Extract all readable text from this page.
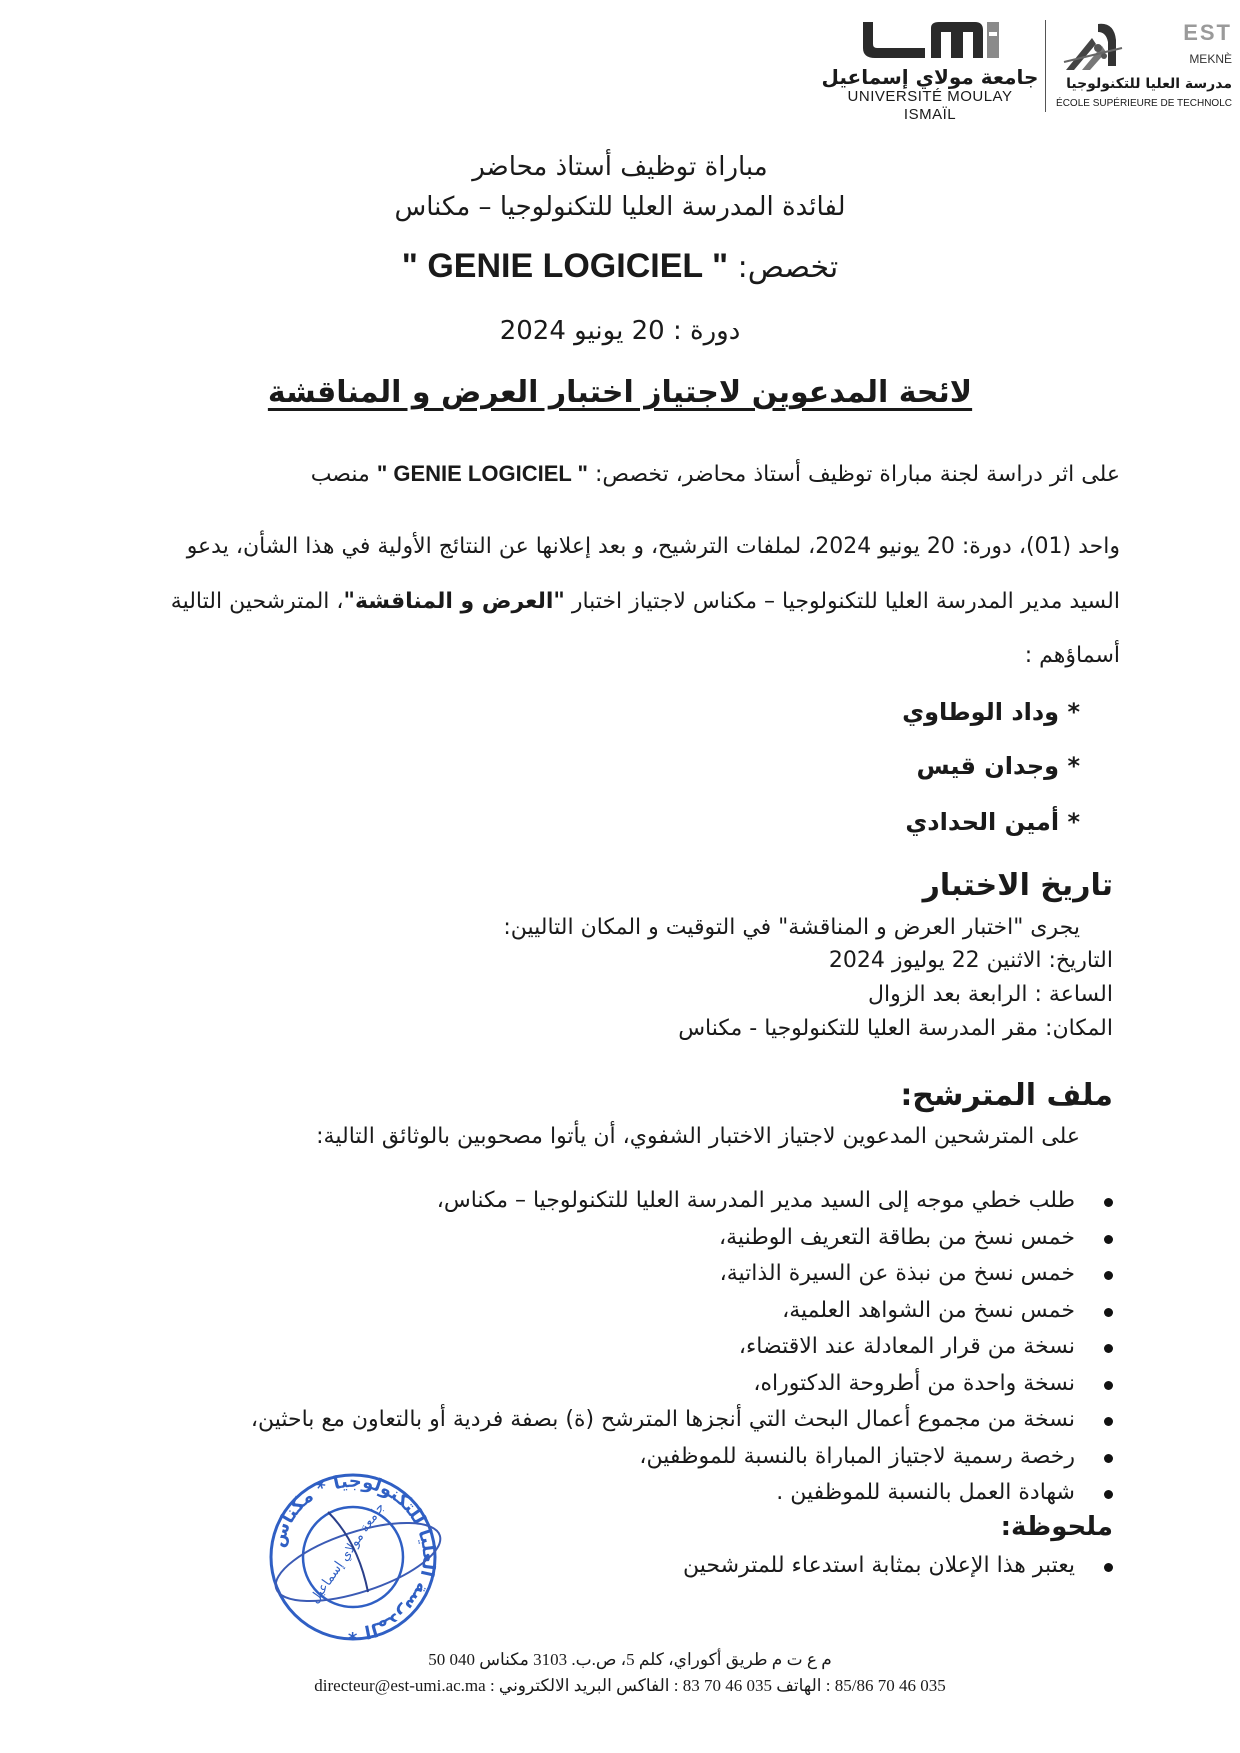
جامعة مولاي إسماعيل
UNIVERSITÉ MOULAY ISMAÏL
EST
MEKNÈ
مدرسة العليا للتكنولوجيا
ÉCOLE SUPÉRIEURE DE TECHNOLC
مباراة توظيف أستاذ محاضر
لفائدة المدرسة العليا للتكنولوجيا – مكناس
تخصص: " GENIE LOGICIEL "
دورة : 20 يونيو 2024
لائحة المدعوين لاجتياز اختبار العرض و المناقشة
على اثر دراسة لجنة مباراة توظيف أستاذ محاضر، تخصص: " GENIE LOGICIEL " منصب
واحد (01)، دورة: 20 يونيو 2024، لملفات الترشيح، و بعد إعلانها عن النتائج الأولية في هذا الشأن، يدعو
السيد مدير المدرسة العليا للتكنولوجيا – مكناس لاجتياز اختبار "العرض و المناقشة"، المترشحين التالية
أسماؤهم :
* وداد الوطاوي
* وجدان قيس
* أمين الحدادي
تاريخ الاختبار
يجرى "اختبار العرض و المناقشة" في التوقيت و المكان التاليين:
التاريخ: الاثنين 22 يوليوز 2024
الساعة : الرابعة بعد الزوال
المكان: مقر المدرسة العليا للتكنولوجيا - مكناس
ملف المترشح:
على المترشحين المدعوين لاجتياز الاختبار الشفوي، أن يأتوا مصحوبين بالوثائق التالية:
طلب خطي موجه إلى السيد مدير المدرسة العليا للتكنولوجيا – مكناس،
خمس نسخ من بطاقة التعريف الوطنية،
خمس نسخ من نبذة عن السيرة الذاتية،
خمس نسخ من الشواهد العلمية،
نسخة من قرار المعادلة عند الاقتضاء،
نسخة واحدة من أطروحة الدكتوراه،
نسخة من مجموع أعمال البحث التي أنجزها المترشح (ة) بصفة فردية أو بالتعاون مع باحثين،
رخصة رسمية لاجتياز المباراة بالنسبة للموظفين،
شهادة العمل بالنسبة للموظفين .
ملحوظة:
يعتبر هذا الإعلان بمثابة استدعاء للمترشحين
المدرسة العليا للتكنولوجيا * مكناس *
جامعة مولاي إسماعيل
م ع ت م طريق أكوراي، كلم 5، ص.ب. 3103 مكناس 040 50
035 46 70 85/86 : الهاتف 035 46 70 83 : الفاكس البريد الالكتروني : directeur@est-umi.ac.ma
